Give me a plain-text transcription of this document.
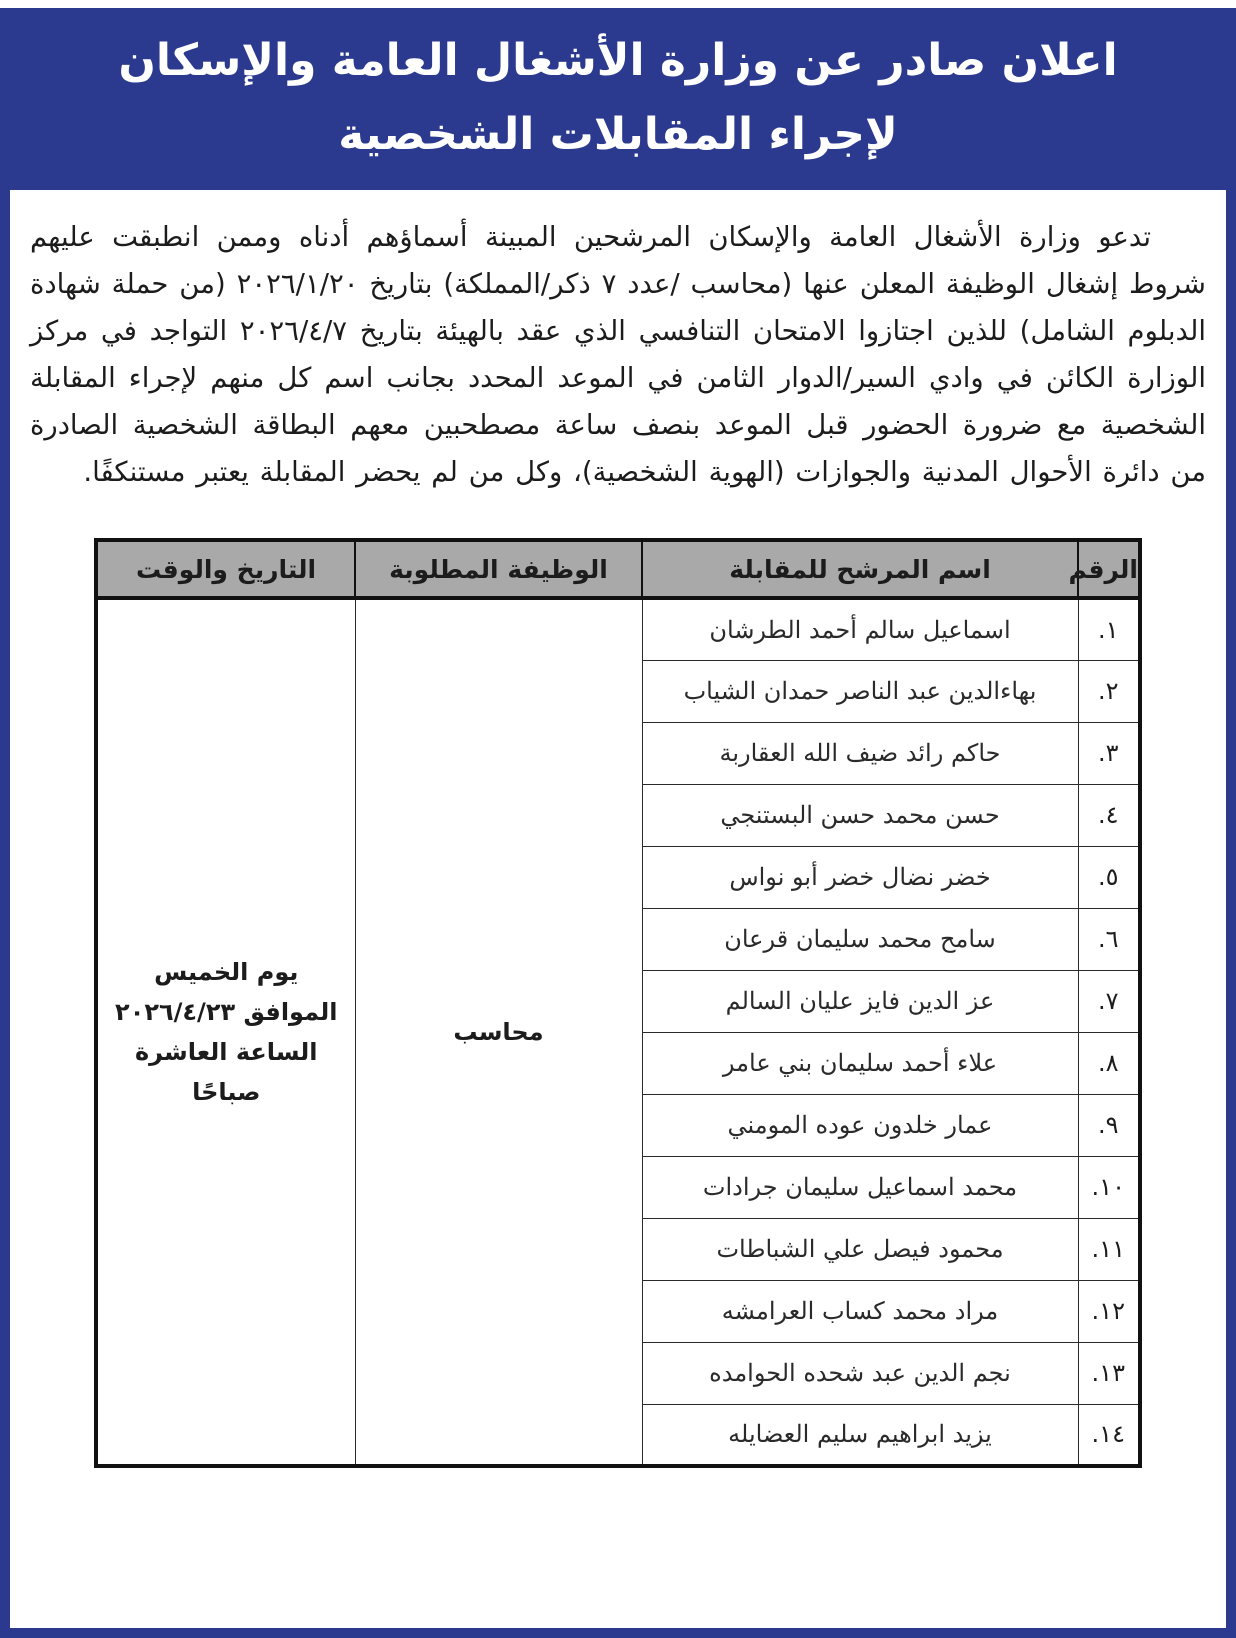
اعلان صادر عن وزارة الأشغال العامة والإسكان
لإجراء المقابلات الشخصية

تدعو وزارة الأشغال العامة والإسكان المرشحين المبينة أسماؤهم أدناه وممن انطبقت عليهم شروط إشغال الوظيفة المعلن عنها (محاسب /عدد ٧ ذكر/المملكة) بتاريخ ٢٠٢٦/١/٢٠ (من حملة شهادة الدبلوم الشامل) للذين اجتازوا الامتحان التنافسي الذي عقد بالهيئة بتاريخ ٢٠٢٦/٤/٧ التواجد في مركز الوزارة الكائن في وادي السير/الدوار الثامن في الموعد المحدد بجانب اسم كل منهم لإجراء المقابلة الشخصية مع ضرورة الحضور قبل الموعد بنصف ساعة مصطحبين معهم البطاقة الشخصية الصادرة من دائرة الأحوال المدنية والجوازات (الهوية الشخصية)، وكل من لم يحضر المقابلة يعتبر مستنكفًا.

الرقم	اسم المرشح للمقابلة	الوظيفة المطلوبة	التاريخ والوقت
١.	اسماعيل سالم أحمد الطرشان	محاسب	يوم الخميس
الموافق ٢٠٢٦/٤/٢٣
الساعة العاشرة صباحًا

٢.	بهاءالدين عبد الناصر حمدان الشياب		
٣.	حاكم رائد ضيف الله العقاربة		
٤.	حسن محمد حسن البستنجي		
٥.	خضر نضال خضر أبو نواس		
٦.	سامح محمد سليمان قرعان		
٧.	عز الدين فايز عليان السالم		
٨.	علاء أحمد سليمان بني عامر		
٩.	عمار خلدون عوده المومني		
١٠.	محمد اسماعيل سليمان جرادات		
١١.	محمود فيصل علي الشباطات		
١٢.	مراد محمد كساب العرامشه		
١٣.	نجم الدين عبد شحده الحوامده		
١٤.	يزيد ابراهيم سليم العضايله		
